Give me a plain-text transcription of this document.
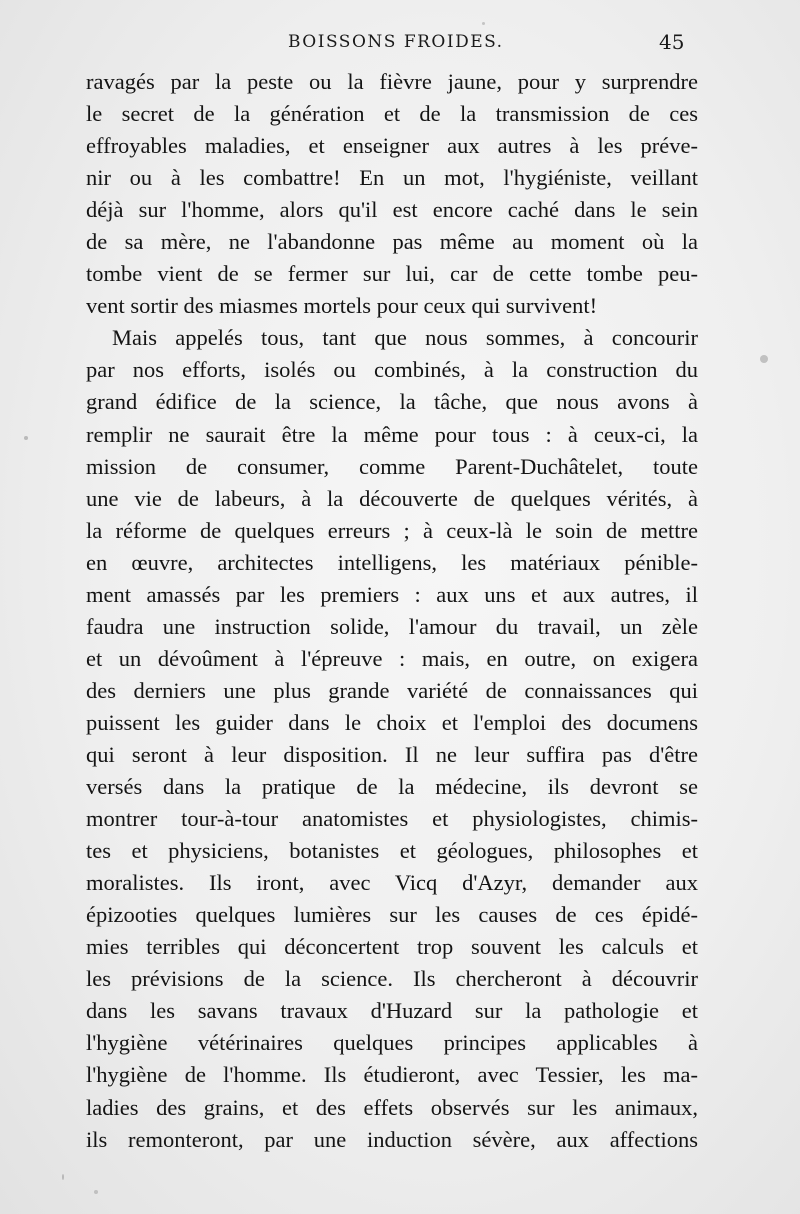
BOISSONS FROIDES.	45
ravagés par la peste ou la fièvre jaune, pour y surprendre
le secret de la génération et de la transmission de ces
effroyables maladies, et enseigner aux autres à les préve-
nir ou à les combattre! En un mot, l'hygiéniste, veillant
déjà sur l'homme, alors qu'il est encore caché dans le sein
de sa mère, ne l'abandonne pas même au moment où la
tombe vient de se fermer sur lui, car de cette tombe peu-
vent sortir des miasmes mortels pour ceux qui survivent!
Mais appelés tous, tant que nous sommes, à concourir
par nos efforts, isolés ou combinés, à la construction du
grand édifice de la science, la tâche, que nous avons à
remplir ne saurait être la même pour tous : à ceux-ci, la
mission de consumer, comme Parent-Duchâtelet, toute
une vie de labeurs, à la découverte de quelques vérités, à
la réforme de quelques erreurs ; à ceux-là le soin de mettre
en œuvre, architectes intelligens, les matériaux pénible-
ment amassés par les premiers : aux uns et aux autres, il
faudra une instruction solide, l'amour du travail, un zèle
et un dévoûment à l'épreuve : mais, en outre, on exigera
des derniers une plus grande variété de connaissances qui
puissent les guider dans le choix et l'emploi des documens
qui seront à leur disposition. Il ne leur suffira pas d'être
versés dans la pratique de la médecine, ils devront se
montrer tour-à-tour anatomistes et physiologistes, chimis-
tes et physiciens, botanistes et géologues, philosophes et
moralistes. Ils iront, avec Vicq d'Azyr, demander aux
épizooties quelques lumières sur les causes de ces épidé-
mies terribles qui déconcertent trop souvent les calculs et
les prévisions de la science. Ils chercheront à découvrir
dans les savans travaux d'Huzard sur la pathologie et
l'hygiène vétérinaires quelques principes applicables à
l'hygiène de l'homme. Ils étudieront, avec Tessier, les ma-
ladies des grains, et des effets observés sur les animaux,
ils remonteront, par une induction sévère, aux affections
